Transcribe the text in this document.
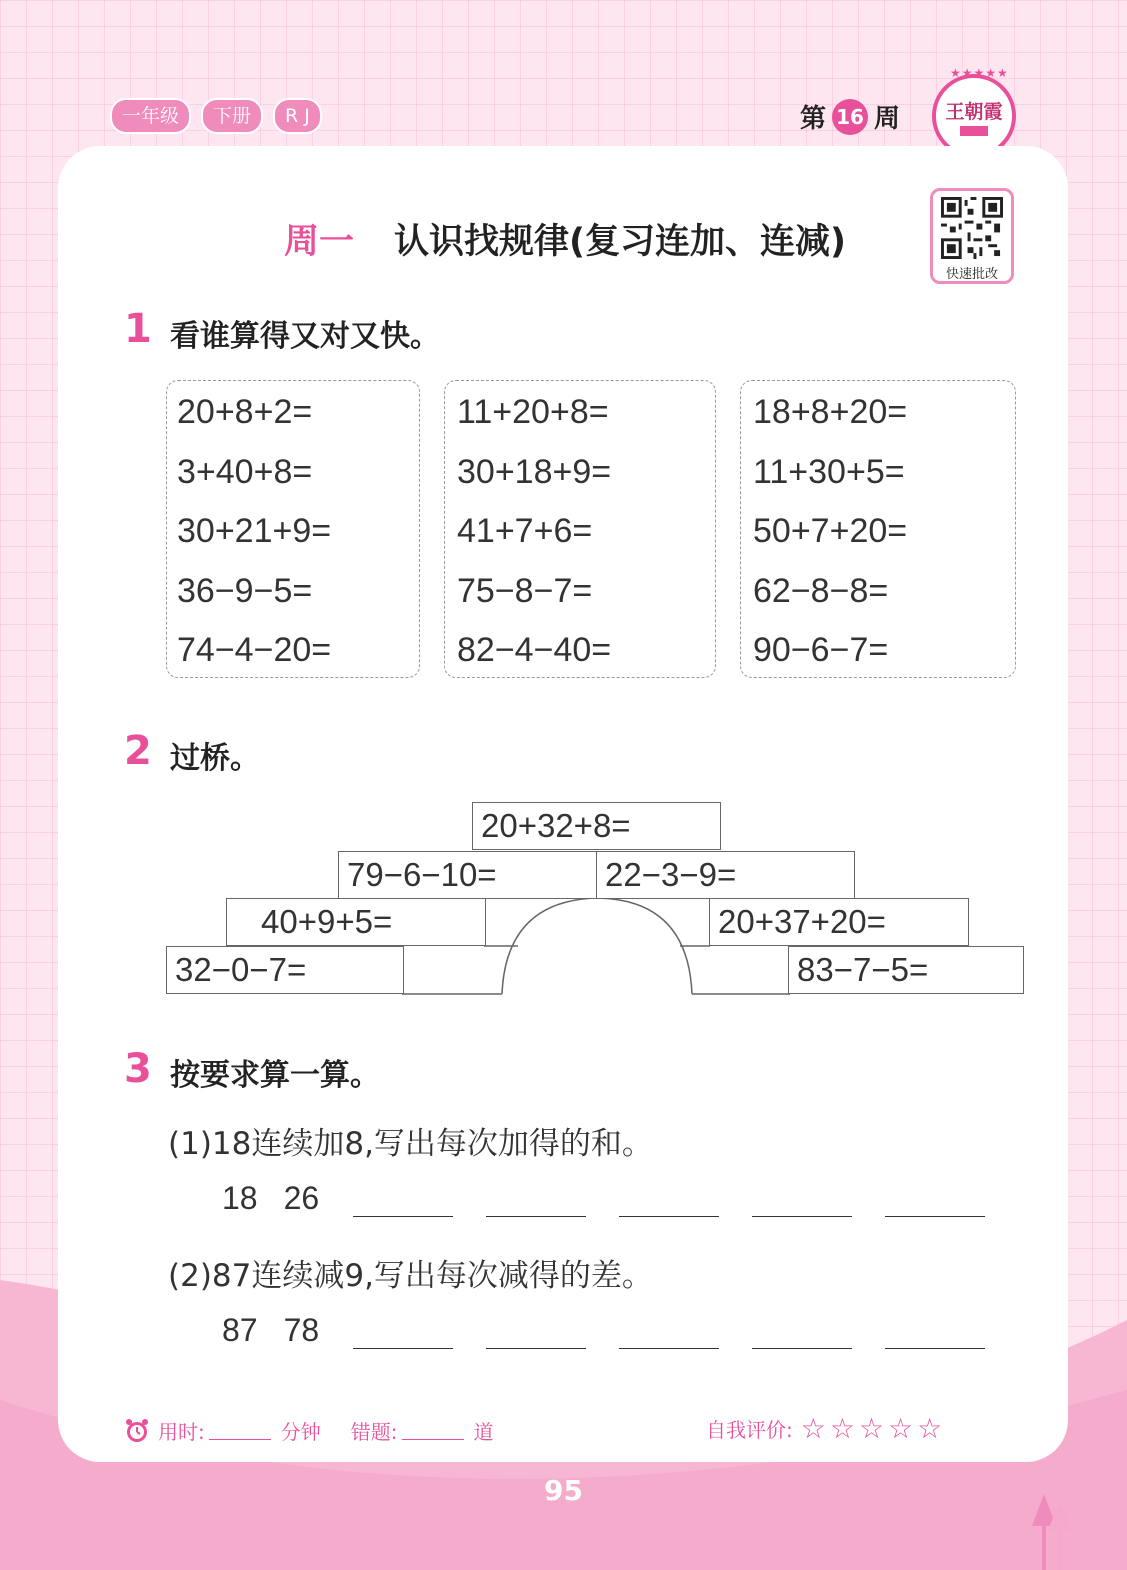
一年级	下册	R J	第 16 周
★★★★★
王朝霞

周一 认识找规律(复习连加、连减)
快速批改
1 看谁算得又对又快。
20+8+2=
3+40+8=
30+21+9=
36−9−5=
74−4−20=
11+20+8=
30+18+9=
41+7+6=
75−8−7=
82−4−40=
18+8+20=
11+30+5=
50+7+20=
62−8−8=
90−6−7=
2 过桥。
20+32+8=
79−6−10=	22−3−9=
40+9+5=	20+37+20=
32−0−7=	83−7−5=
3 按要求算一算。
(1)18连续加8,写出每次加得的和。
18 26
(2)87连续减9,写出每次减得的差。
87 78
用时:	分钟 错题:	道	自我评价: ☆☆☆☆☆
95
